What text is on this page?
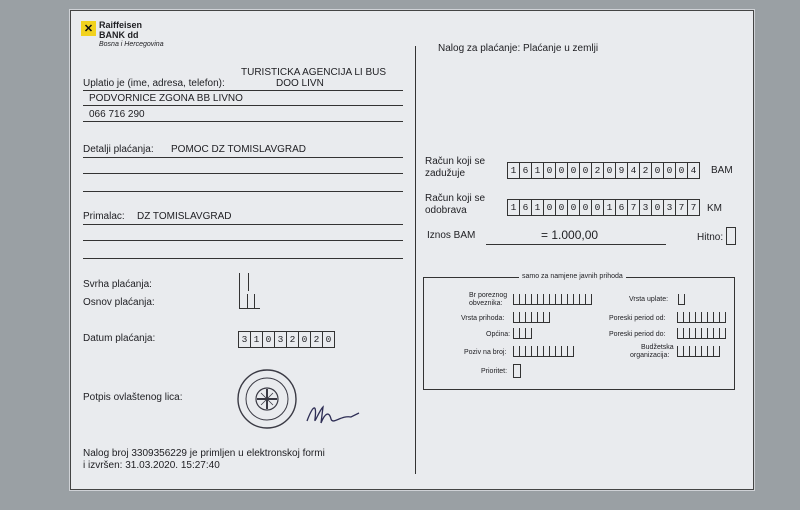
✕ Raiffeisen
BANK dd
Bosna i Hercegovina	Nalog za plaćanje: Plaćanje u zemlji
TURISTICKA AGENCIJA LI BUS
Uplatio je (ime, adresa, telefon):	DOO LIVN
PODVORNICE ZGONA BB LIVNO
066 716 290
Detalji plaćanja: POMOC DZ TOMISLAVGRAD
Primalac: DZ TOMISLAVGRAD
Svrha plaćanja:
Osnov plaćanja:
Datum plaćanja:	3 1 0 3 2 0 2 0
Potpis ovlaštenog lica:
Nalog broj 3309356229 je primljen u elektronskoj formi
i izvršen: 31.03.2020. 15:27:40
Račun koji se
zadužuje	1 6 1 0 0 0 0 2 0 9 4 2 0 0 0 4	BAM
Račun koji se
odobrava	1 6 1 0 0 0 0 0 1 6 7 3 0 3 7 7	KM
Iznos BAM	= 1.000,00	Hitno:
samo za namjene javnih prihoda
Br poreznog
obveznika:
Vrsta uplate:
Vrsta prihoda:	Poreski period od:
Općina:	Poreski period do:
Poziv na broj:
Budžetska
organizacija:
Prioritet:
